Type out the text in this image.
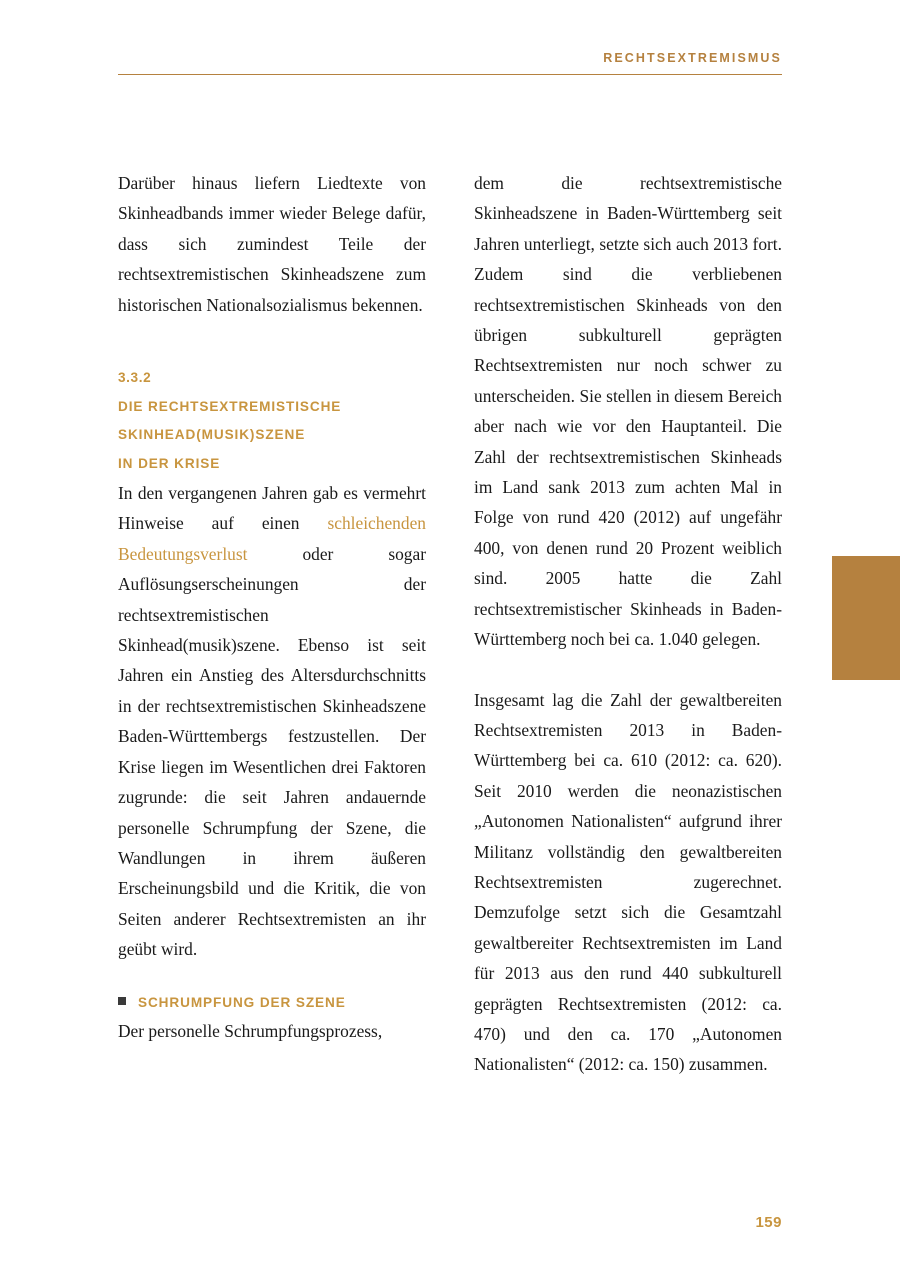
RECHTSEXTREMISMUS

Darüber hinaus liefern Liedtexte von Skinheadbands immer wieder Belege dafür, dass sich zumindest Teile der rechtsextremistischen Skinheadszene zum historischen Nationalsozialismus bekennen.

3.3.2
DIE RECHTSEXTREMISTISCHE
SKINHEAD(MUSIK)SZENE
IN DER KRISE

In den vergangenen Jahren gab es vermehrt Hinweise auf einen schleichenden Bedeutungsverlust oder sogar Auflösungserscheinungen der rechtsextremistischen Skinhead(musik)szene. Ebenso ist seit Jahren ein Anstieg des Altersdurchschnitts in der rechtsextremistischen Skinheadszene Baden-Württembergs festzustellen. Der Krise liegen im Wesentlichen drei Faktoren zugrunde: die seit Jahren andauernde personelle Schrumpfung der Szene, die Wandlungen in ihrem äußeren Erscheinungsbild und die Kritik, die von Seiten anderer Rechtsextremisten an ihr geübt wird.

SCHRUMPFUNG DER SZENE

Der personelle Schrumpfungsprozess,

dem die rechtsextremistische Skinheadszene in Baden-Württemberg seit Jahren unterliegt, setzte sich auch 2013 fort. Zudem sind die verbliebenen rechtsextremistischen Skinheads von den übrigen subkulturell geprägten Rechtsextremisten nur noch schwer zu unterscheiden. Sie stellen in diesem Bereich aber nach wie vor den Hauptanteil. Die Zahl der rechtsextremistischen Skinheads im Land sank 2013 zum achten Mal in Folge von rund 420 (2012) auf ungefähr 400, von denen rund 20 Prozent weiblich sind. 2005 hatte die Zahl rechtsextremistischer Skinheads in Baden-Württemberg noch bei ca. 1.040 gelegen.

Insgesamt lag die Zahl der gewaltbereiten Rechtsextremisten 2013 in Baden-Württemberg bei ca. 610 (2012: ca. 620). Seit 2010 werden die neonazistischen „Autonomen Nationalisten“ aufgrund ihrer Militanz vollständig den gewaltbereiten Rechtsextremisten zugerechnet. Demzufolge setzt sich die Gesamtzahl gewaltbereiter Rechtsextremisten im Land für 2013 aus den rund 440 subkulturell geprägten Rechtsextremisten (2012: ca. 470) und den ca. 170 „Autonomen Nationalisten“ (2012: ca. 150) zusammen.

159
